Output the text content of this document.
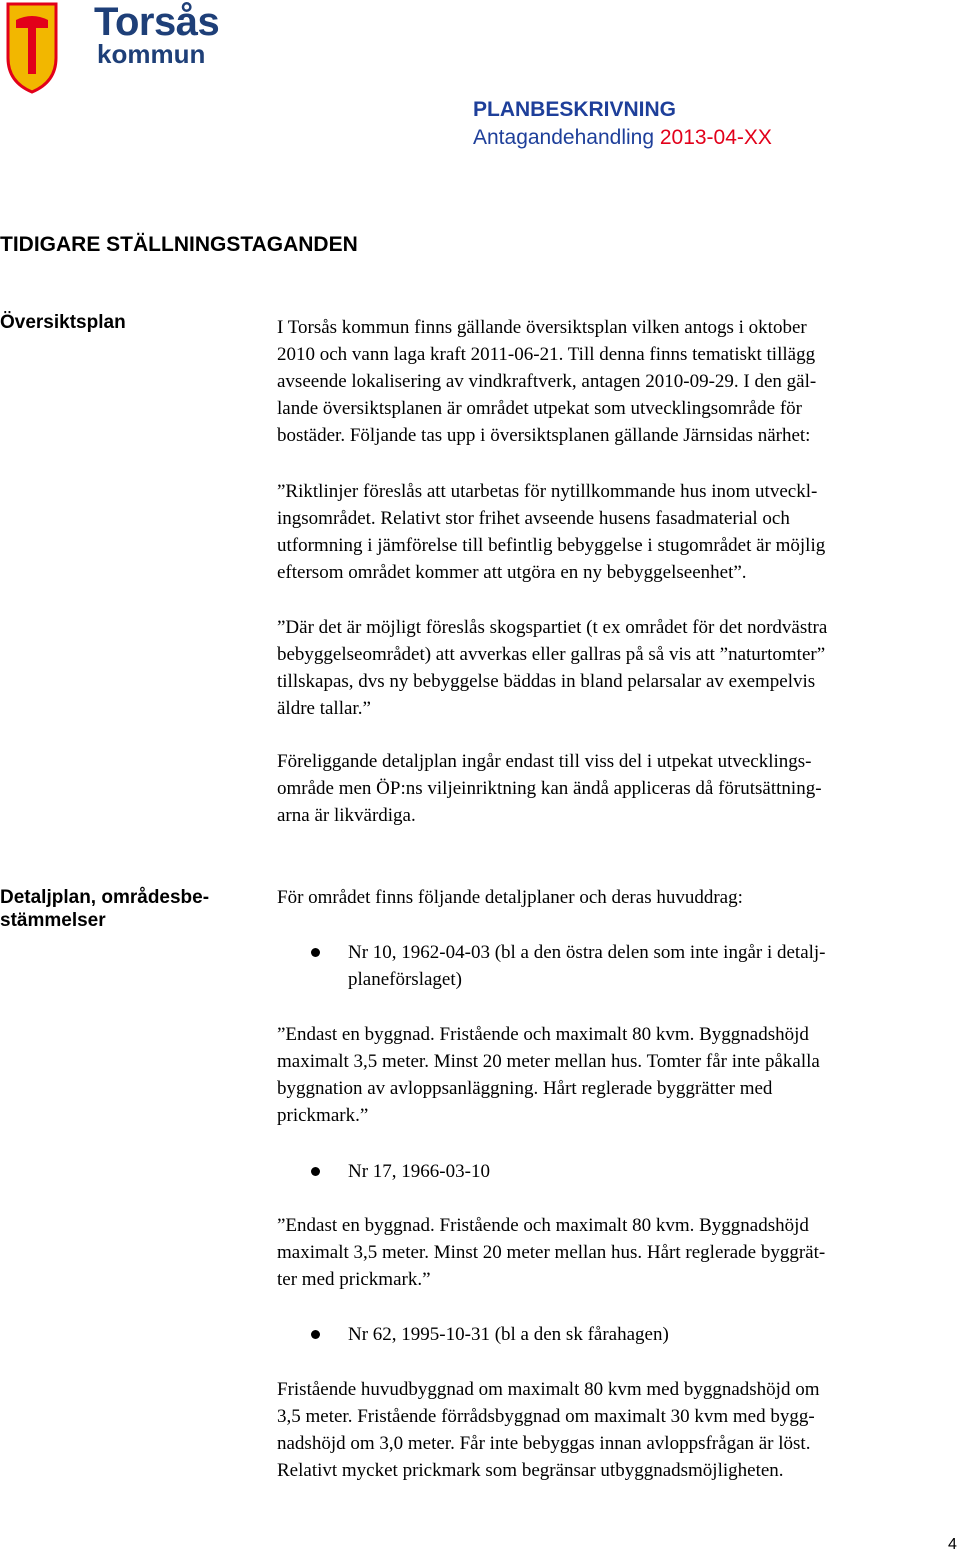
Torsås
kommun
PLANBESKRIVNING
Antagandehandling 2013-04-XX
TIDIGARE STÄLLNINGSTAGANDEN
Översiktsplan	I Torsås kommun finns gällande översiktsplan vilken antogs i oktober

2010 och vann laga kraft 2011-06-21. Till denna finns tematiskt tillägg

avseende lokalisering av vindkraftverk, antagen 2010-09-29. I den gäl-

lande översiktsplanen är området utpekat som utvecklingsområde för

bostäder. Följande tas upp i översiktsplanen gällande Järnsidas närhet:

”Riktlinjer föreslås att utarbetas för nytillkommande hus inom utveckl-

ingsområdet. Relativt stor frihet avseende husens fasadmaterial och

utformning i jämförelse till befintlig bebyggelse i stugområdet är möjlig

eftersom området kommer att utgöra en ny bebyggelseenhet”.

”Där det är möjligt föreslås skogspartiet (t ex området för det nordvästra

bebyggelseområdet) att avverkas eller gallras på så vis att ”naturtomter”

tillskapas, dvs ny bebyggelse bäddas in bland pelarsalar av exempelvis

äldre tallar.”

Föreliggande detaljplan ingår endast till viss del i utpekat utvecklings-

område men ÖP:ns viljeinriktning kan ändå appliceras då förutsättning-

arna är likvärdiga.

Detaljplan, områdesbe-
stämmelser

För området finns följande detaljplaner och deras huvuddrag:

Nr 10, 1962-04-03 (bl a den östra delen som inte ingår i detalj-

planeförslaget)

”Endast en byggnad. Fristående och maximalt 80 kvm. Byggnadshöjd

maximalt 3,5 meter. Minst 20 meter mellan hus. Tomter får inte påkalla

byggnation av avloppsanläggning. Hårt reglerade byggrätter med

prickmark.”

Nr 17, 1966-03-10

”Endast en byggnad. Fristående och maximalt 80 kvm. Byggnadshöjd

maximalt 3,5 meter. Minst 20 meter mellan hus. Hårt reglerade byggrät-

ter med prickmark.”

Nr 62, 1995-10-31 (bl a den sk fårahagen)

Fristående huvudbyggnad om maximalt 80 kvm med byggnadshöjd om

3,5 meter. Fristående förrådsbyggnad om maximalt 30 kvm med bygg-

nadshöjd om 3,0 meter. Får inte bebyggas innan avloppsfrågan är löst.

Relativt mycket prickmark som begränsar utbyggnadsmöjligheten.

4
